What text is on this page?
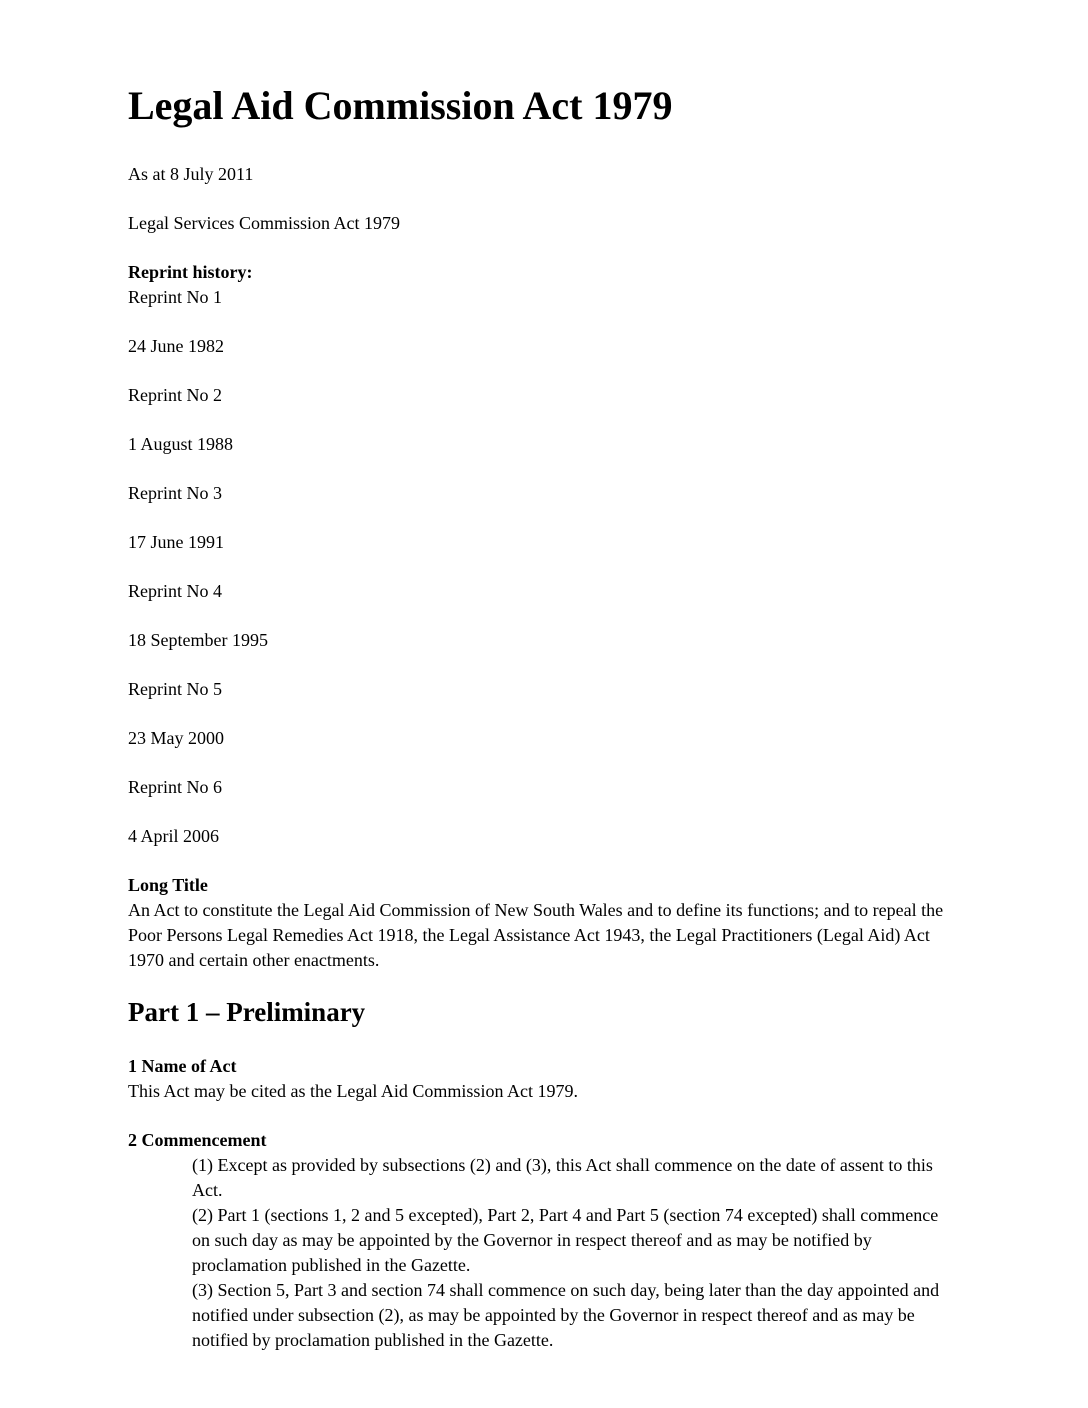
Legal Aid Commission Act 1979

As at 8 July 2011

Legal Services Commission Act 1979

Reprint history:

Reprint No 1

24 June 1982

Reprint No 2

1 August 1988

Reprint No 3

17 June 1991

Reprint No 4

18 September 1995

Reprint No 5

23 May 2000

Reprint No 6

4 April 2006

Long Title

An Act to constitute the Legal Aid Commission of New South Wales and to define its functions; and to repeal the Poor Persons Legal Remedies Act 1918, the Legal Assistance Act 1943, the Legal Practitioners (Legal Aid) Act 1970 and certain other enactments.

Part 1 – Preliminary

1 Name of Act

This Act may be cited as the Legal Aid Commission Act 1979.

2 Commencement

(1) Except as provided by subsections (2) and (3), this Act shall commence on the date of assent to this Act.

(2) Part 1 (sections 1, 2 and 5 excepted), Part 2, Part 4 and Part 5 (section 74 excepted) shall commence on such day as may be appointed by the Governor in respect thereof and as may be notified by proclamation published in the Gazette.

(3) Section 5, Part 3 and section 74 shall commence on such day, being later than the day appointed and notified under subsection (2), as may be appointed by the Governor in respect thereof and as may be notified by proclamation published in the Gazette.
